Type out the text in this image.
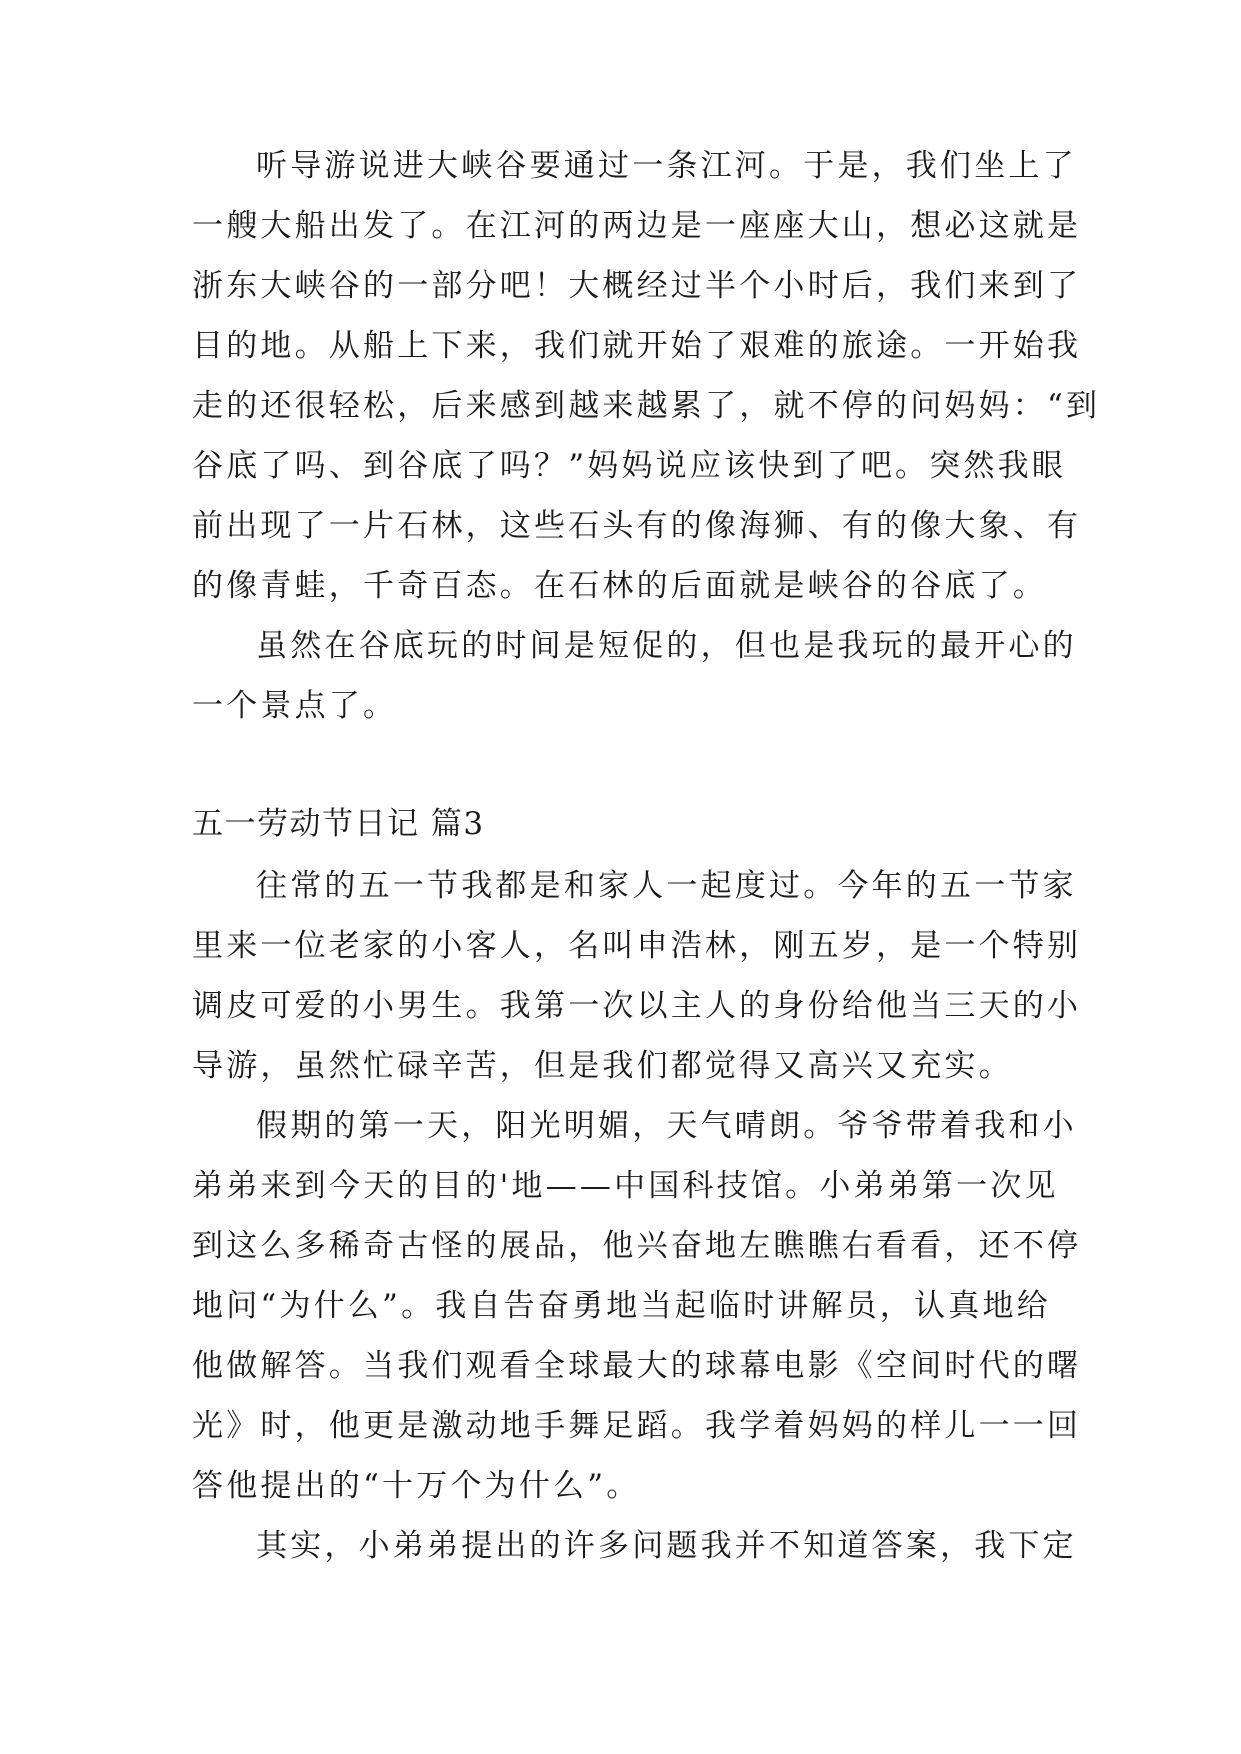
听导游说进大峡谷要通过一条江河。于是，我们坐上了
一艘大船出发了。在江河的两边是一座座大山，想必这就是
浙东大峡谷的一部分吧！大概经过半个小时后，我们来到了
目的地。从船上下来，我们就开始了艰难的旅途。一开始我
走的还很轻松，后来感到越来越累了，就不停的问妈妈：“到
谷底了吗、到谷底了吗？”妈妈说应该快到了吧。突然我眼
前出现了一片石林，这些石头有的像海狮、有的像大象、有
的像青蛙，千奇百态。在石林的后面就是峡谷的谷底了。
虽然在谷底玩的时间是短促的，但也是我玩的最开心的
一个景点了。
五一劳动节日记 篇3
往常的五一节我都是和家人一起度过。今年的五一节家
里来一位老家的小客人，名叫申浩林，刚五岁，是一个特别
调皮可爱的小男生。我第一次以主人的身份给他当三天的小
导游，虽然忙碌辛苦，但是我们都觉得又高兴又充实。
假期的第一天，阳光明媚，天气晴朗。爷爷带着我和小
弟弟来到今天的目的'地——中国科技馆。小弟弟第一次见
到这么多稀奇古怪的展品，他兴奋地左瞧瞧右看看，还不停
地问“为什么”。我自告奋勇地当起临时讲解员，认真地给
他做解答。当我们观看全球最大的球幕电影《空间时代的曙
光》时，他更是激动地手舞足蹈。我学着妈妈的样儿一一回
答他提出的“十万个为什么”。
其实，小弟弟提出的许多问题我并不知道答案，我下定
